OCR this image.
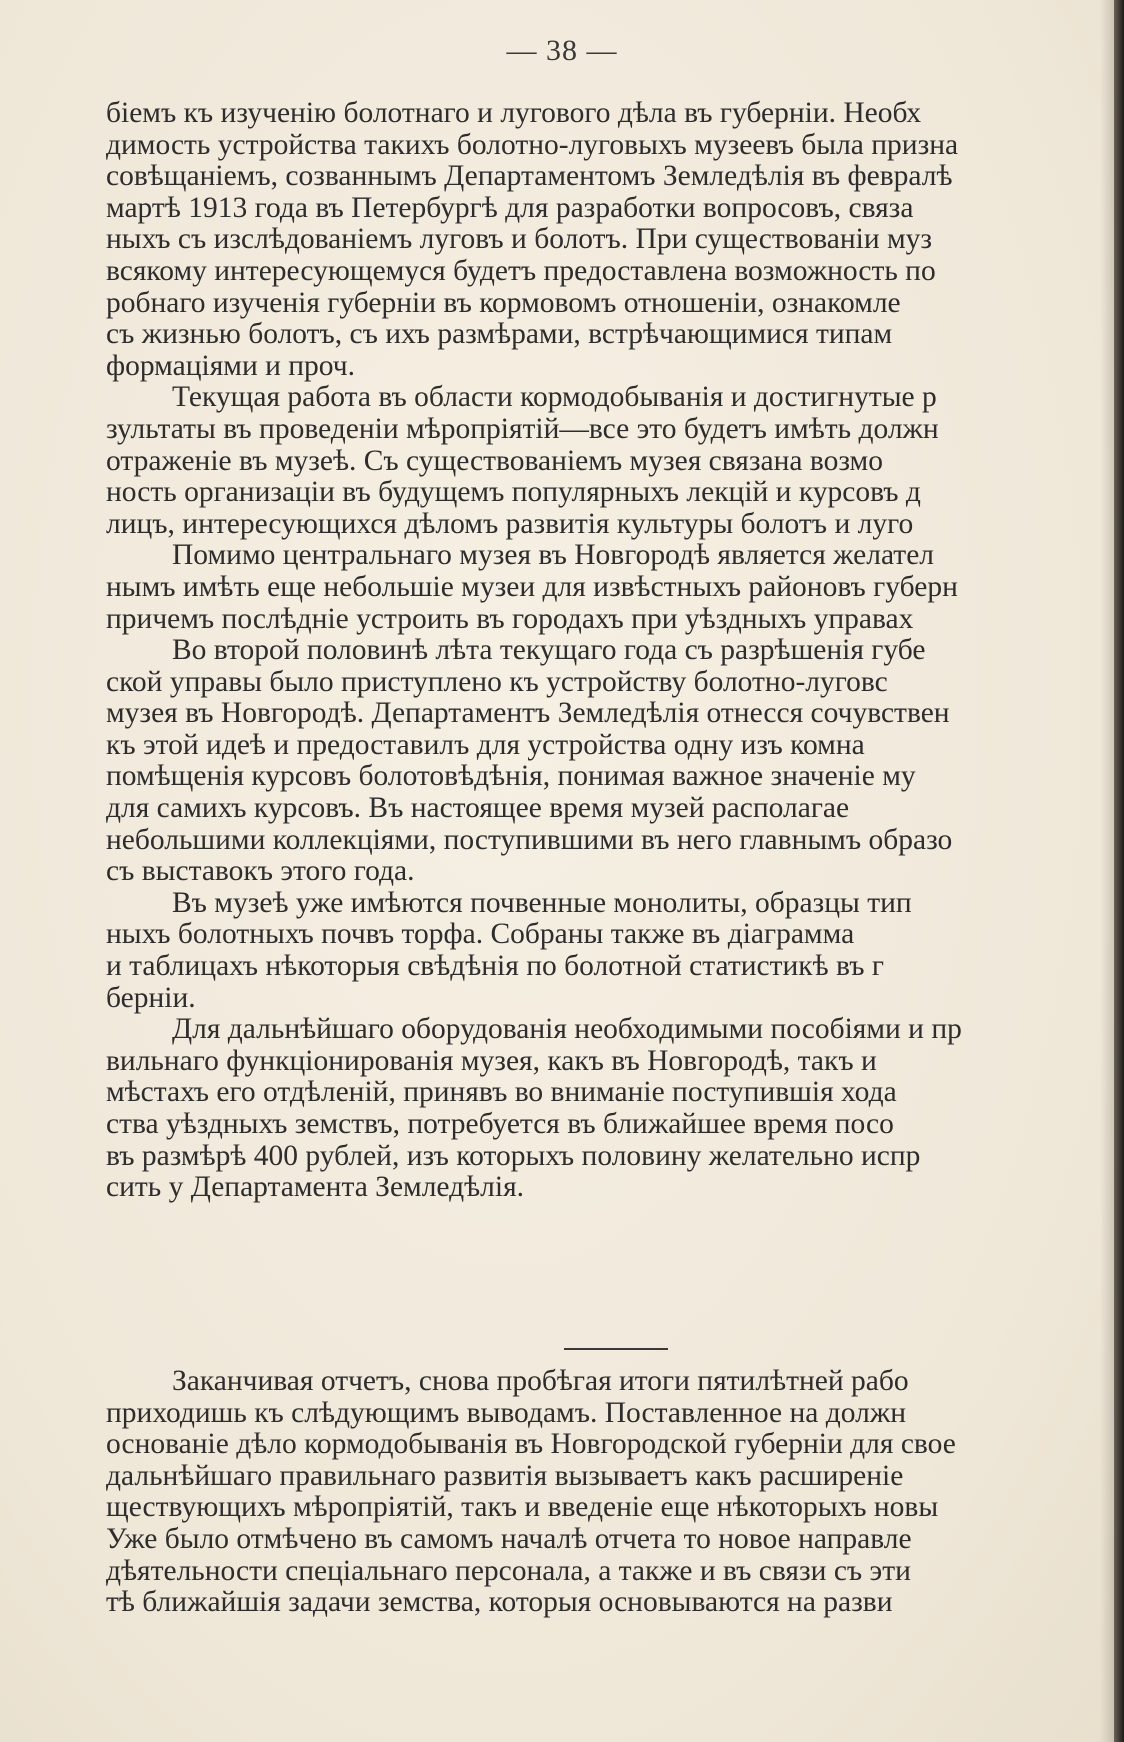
— 38 —
біемъ къ изученію болотнаго и лугового дѣла въ губерніи. Необх
димость устройства такихъ болотно-луговыхъ музеевъ была призна
совѣщаніемъ, созваннымъ Департаментомъ Земледѣлія въ февралѣ
мартѣ 1913 года въ Петербургѣ для разработки вопросовъ, связа
ныхъ съ изслѣдованіемъ луговъ и болотъ. При существованіи муз
всякому интересующемуся будетъ предоставлена возможность по
робнаго изученія губерніи въ кормовомъ отношеніи, ознакомле
съ жизнью болотъ, съ ихъ размѣрами, встрѣчающимися типам
формаціями и проч.
Текущая работа въ области кормодобыванія и достигнутые р
зультаты въ проведеніи мѣропріятій—все это будетъ имѣть должн
отраженіе въ музеѣ. Съ существованіемъ музея связана возмо
ность организаціи въ будущемъ популярныхъ лекцій и курсовъ д
лицъ, интересующихся дѣломъ развитія культуры болотъ и луго
Помимо центральнаго музея въ Новгородѣ является желател
нымъ имѣть еще небольшіе музеи для извѣстныхъ районовъ губерн
причемъ послѣдніе устроить въ городахъ при уѣздныхъ управах
Во второй половинѣ лѣта текущаго года съ разрѣшенія губе
ской управы было приступлено къ устройству болотно-луговс
музея въ Новгородѣ. Департаментъ Земледѣлія отнесся сочувствен
къ этой идеѣ и предоставилъ для устройства одну изъ комна
помѣщенія курсовъ болотовѣдѣнія, понимая важное значеніе му
для самихъ курсовъ. Въ настоящее время музей располагае
небольшими коллекціями, поступившими въ него главнымъ образо
съ выставокъ этого года.
Въ музеѣ уже имѣются почвенные монолиты, образцы тип
ныхъ болотныхъ почвъ торфа. Собраны также въ діаграмма
и таблицахъ нѣкоторыя свѣдѣнія по болотной статистикѣ въ г
берніи.
Для дальнѣйшаго оборудованія необходимыми пособіями и пр
вильнаго функціонированія музея, какъ въ Новгородѣ, такъ и
мѣстахъ его отдѣленій, принявъ во вниманіе поступившія хода
ства уѣздныхъ земствъ, потребуется въ ближайшее время посо
въ размѣрѣ 400 рублей, изъ которыхъ половину желательно испр
сить у Департамента Земледѣлія.
Заканчивая отчетъ, снова пробѣгая итоги пятилѣтней рабо
приходишь къ слѣдующимъ выводамъ. Поставленное на должн
основаніе дѣло кормодобыванія въ Новгородской губерніи для свое
дальнѣйшаго правильнаго развитія вызываетъ какъ расширеніе
ществующихъ мѣропріятій, такъ и введеніе еще нѣкоторыхъ новы
Уже было отмѣчено въ самомъ началѣ отчета то новое направле
дѣятельности спеціальнаго персонала, а также и въ связи съ эти
тѣ ближайшія задачи земства, которыя основываются на разви
